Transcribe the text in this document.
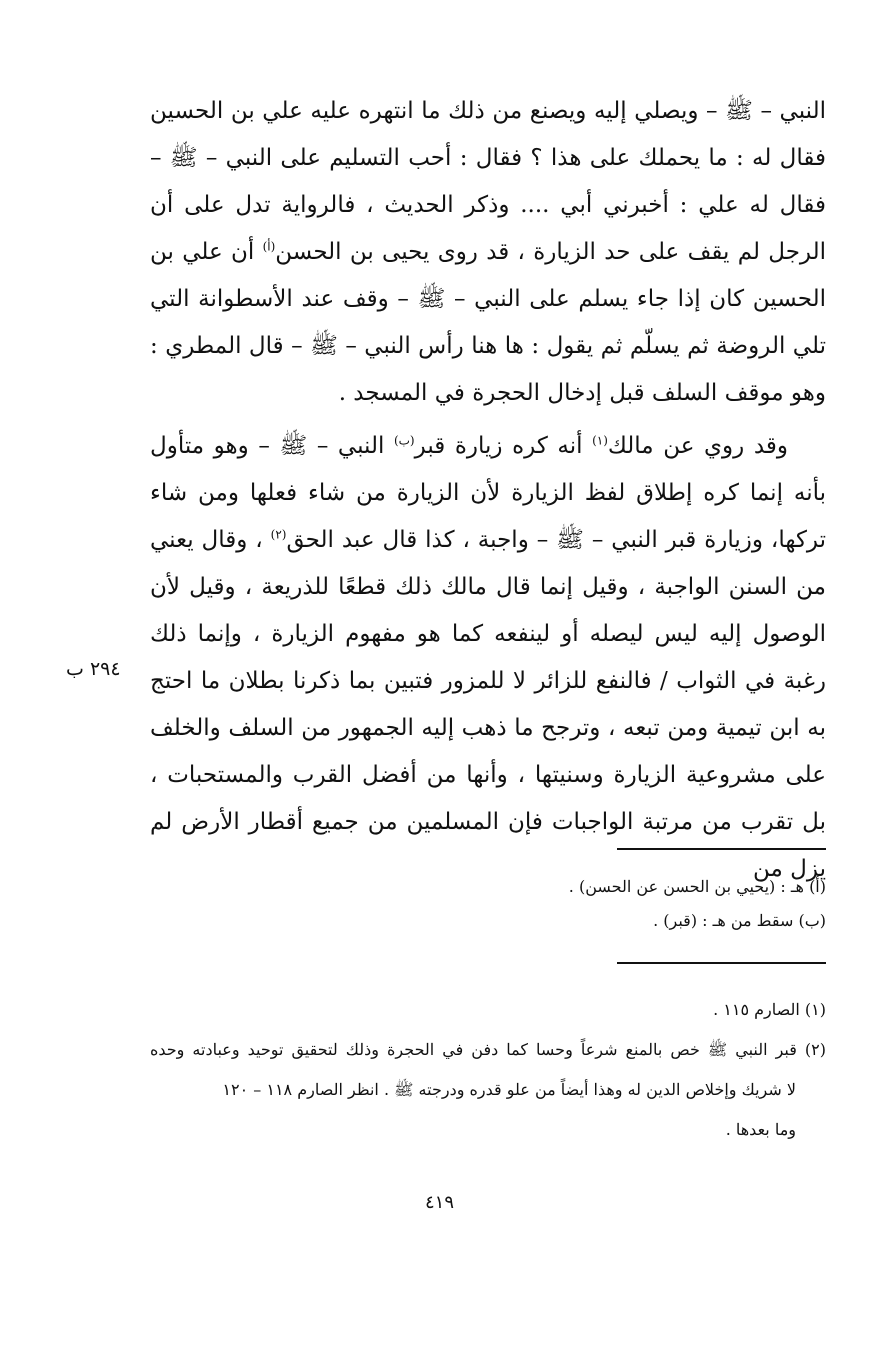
النبي – ﷺ – ويصلي إليه ويصنع من ذلك ما انتهره عليه علي بن الحسين فقال له : ما يحملك على هذا ؟ فقال : أحب التسليم على النبي – ﷺ – فقال له علي : أخبرني أبي .... وذكر الحديث ، فالرواية تدل على أن الرجل لم يقف على حد الزيارة ، قد روى يحيى بن الحسن$^{(أ)}$ أن علي بن الحسين كان إذا جاء يسلم على النبي – ﷺ – وقف عند الأسطوانة التي تلي الروضة ثم يسلّم ثم يقول : ها هنا رأس النبي – ﷺ – قال المطري : وهو موقف السلف قبل إدخال الحجرة في المسجد .

وقد روي عن مالك$^{(١)}$ أنه كره زيارة قبر$^{(ب)}$ النبي – ﷺ – وهو متأول بأنه إنما كره إطلاق لفظ الزيارة لأن الزيارة من شاء فعلها ومن شاء تركها، وزيارة قبر النبي – ﷺ – واجبة ، كذا قال عبد الحق$^{(٢)}$ ، وقال يعني من السنن الواجبة ، وقيل إنما قال مالك ذلك قطعًا للذريعة ، وقيل لأن الوصول إليه ليس ليصله أو لينفعه كما هو مفهوم الزيارة ، وإنما ذلك رغبة في الثواب / فالنفع للزائر لا للمزور فتبين بما ذكرنا بطلان ما احتج به ابن تيمية ومن تبعه ، وترجح ما ذهب إليه الجمهور من السلف والخلف على مشروعية الزيارة وسنيتها ، وأنها من أفضل القرب والمستحبات ، بل تقرب من مرتبة الواجبات فإن المسلمين من جميع أقطار الأرض لم يزل من

٢٩٤ ب

(أ) هـ : (يحيي بن الحسن عن الحسن) .

(ب) سقط من هـ : (قبر) .

(١) الصارم ١١٥ .

(٢) قبر النبي ﷺ خص بالمنع شرعاً وحسا كما دفن في الحجرة وذلك لتحقيق توحيد وعبادته وحده

لا شريك وإخلاص الدين له وهذا أيضاً من علو قدره ودرجته ﷺ . انظر الصارم ١١٨ – ١٢٠

وما بعدها .

٤١٩
